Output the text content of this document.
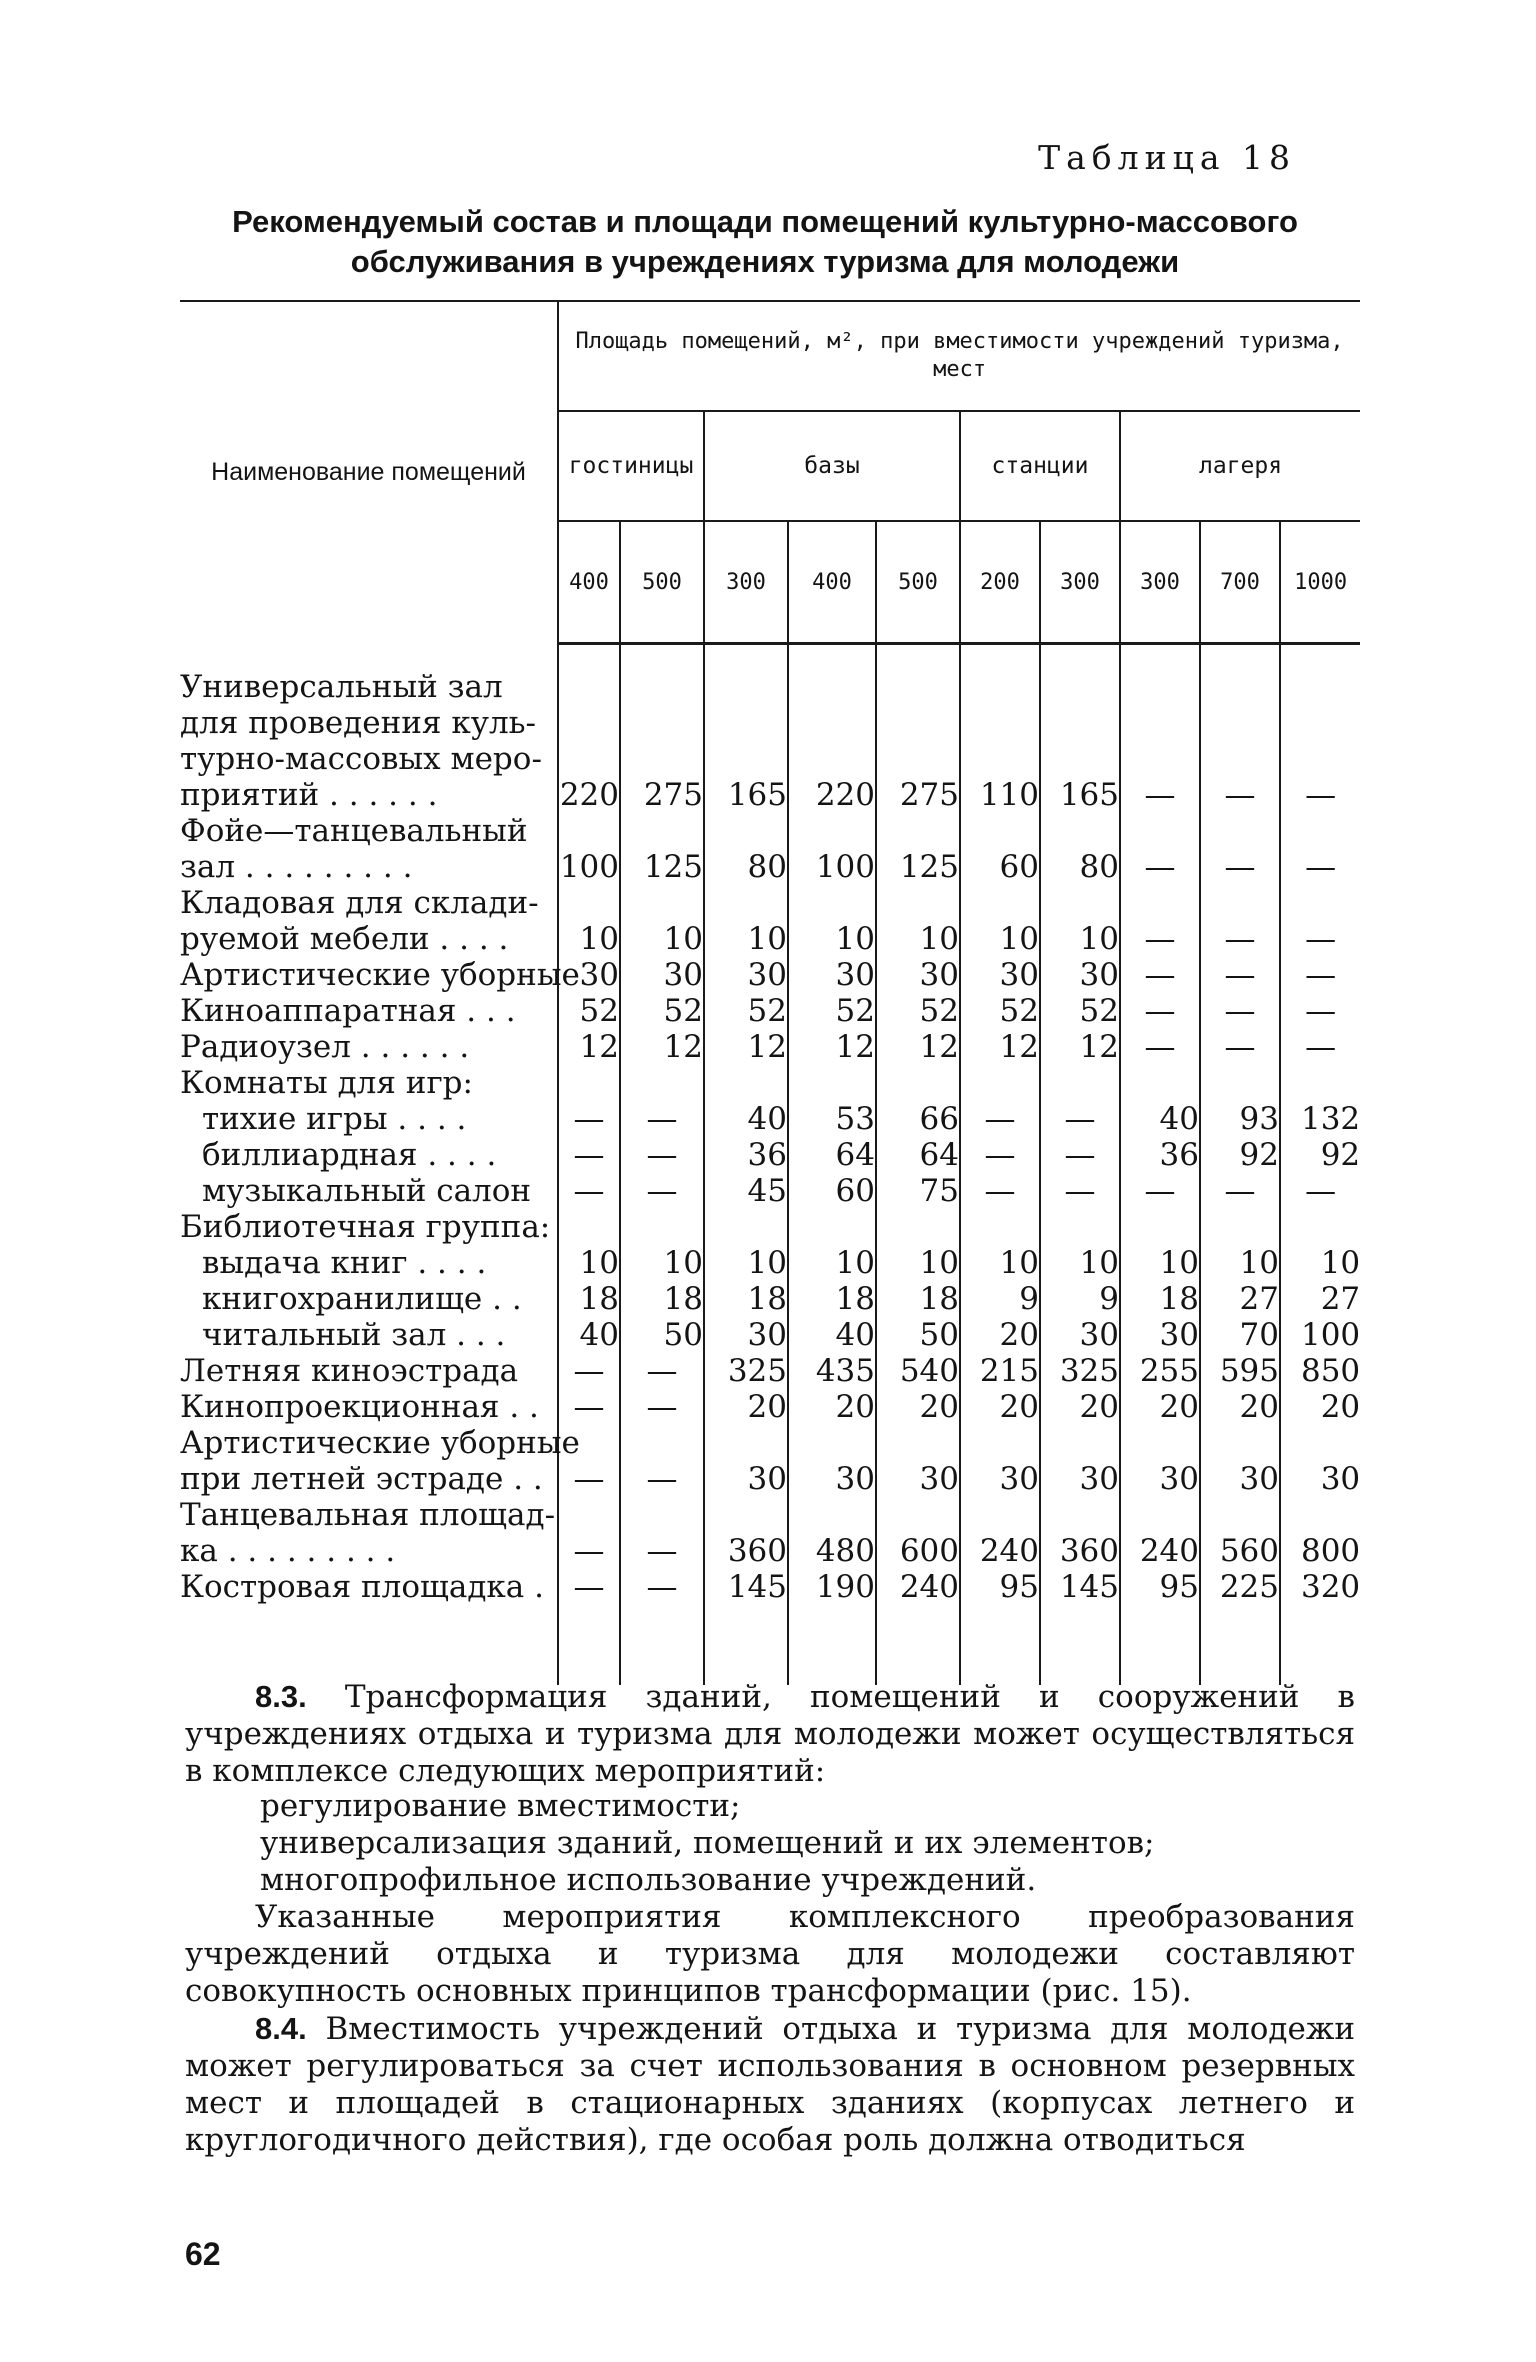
Таблица 18
Рекомендуемый состав и площади помещений культурно-массового обслуживания в учреждениях туризма для молодежи
Наименование помещений	Площадь помещений, м², при вместимости учреждений туризма, мест									
	гостиницы		базы			станции		лагеря		
	400	500	300	400	500	200	300	300	700	1000

Универсальный зал
для проведения куль-
турно-массовых меро-
приятий . . . . . .	220	275	165	220	275	110	165	—	—	—

Фойе—танцевальный
зал . . . . . . . . .	100	125	80	100	125	60	80	—	—	—

Кладовая для склади-
руемой мебели . . . .	10	10	10	10	10	10	10	—	—	—

Артистические уборные	30	30	30	30	30	30	30	—	—	—

Киноаппаратная . . .	52	52	52	52	52	52	52	—	—	—

Радиоузел . . . . . .	12	12	12	12	12	12	12	—	—	—

Комнаты для игр:										

тихие игры . . . .	—	—	40	53	66	—	—	40	93	132

биллиардная . . . .	—	—	36	64	64	—	—	36	92	92

музыкальный салон	—	—	45	60	75	—	—	—	—	—

Библиотечная группа:										

выдача книг . . . .	10	10	10	10	10	10	10	10	10	10

книгохранилище . .	18	18	18	18	18	9	9	18	27	27

читальный зал . . .	40	50	30	40	50	20	30	30	70	100

Летняя киноэстрада	—	—	325	435	540	215	325	255	595	850

Кинопроекционная . .	—	—	20	20	20	20	20	20	20	20

Артистические уборные
при летней эстраде . .	—	—	30	30	30	30	30	30	30	30

Танцевальная площад-
ка . . . . . . . . .	—	—	360	480	600	240	360	240	560	800

Костровая площадка .	—	—	145	190	240	95	145	95	225	320

8.3. Трансформация зданий, помещений и сооружений в учреждениях отдыха и туризма для молодежи может осуществляться в комплексе следующих мероприятий:
регулирование вместимости;
универсализация зданий, помещений и их элементов;
многопрофильное использование учреждений.
Указанные мероприятия комплексного преобразования учреждений отдыха и туризма для молодежи составляют совокупность основных принципов трансформации (рис. 15).
8.4. Вместимость учреждений отдыха и туризма для молодежи может регулироваться за счет использования в основном резервных мест и площадей в стационарных зданиях (корпусах летнего и круглогодичного действия), где особая роль должна отводиться
62
